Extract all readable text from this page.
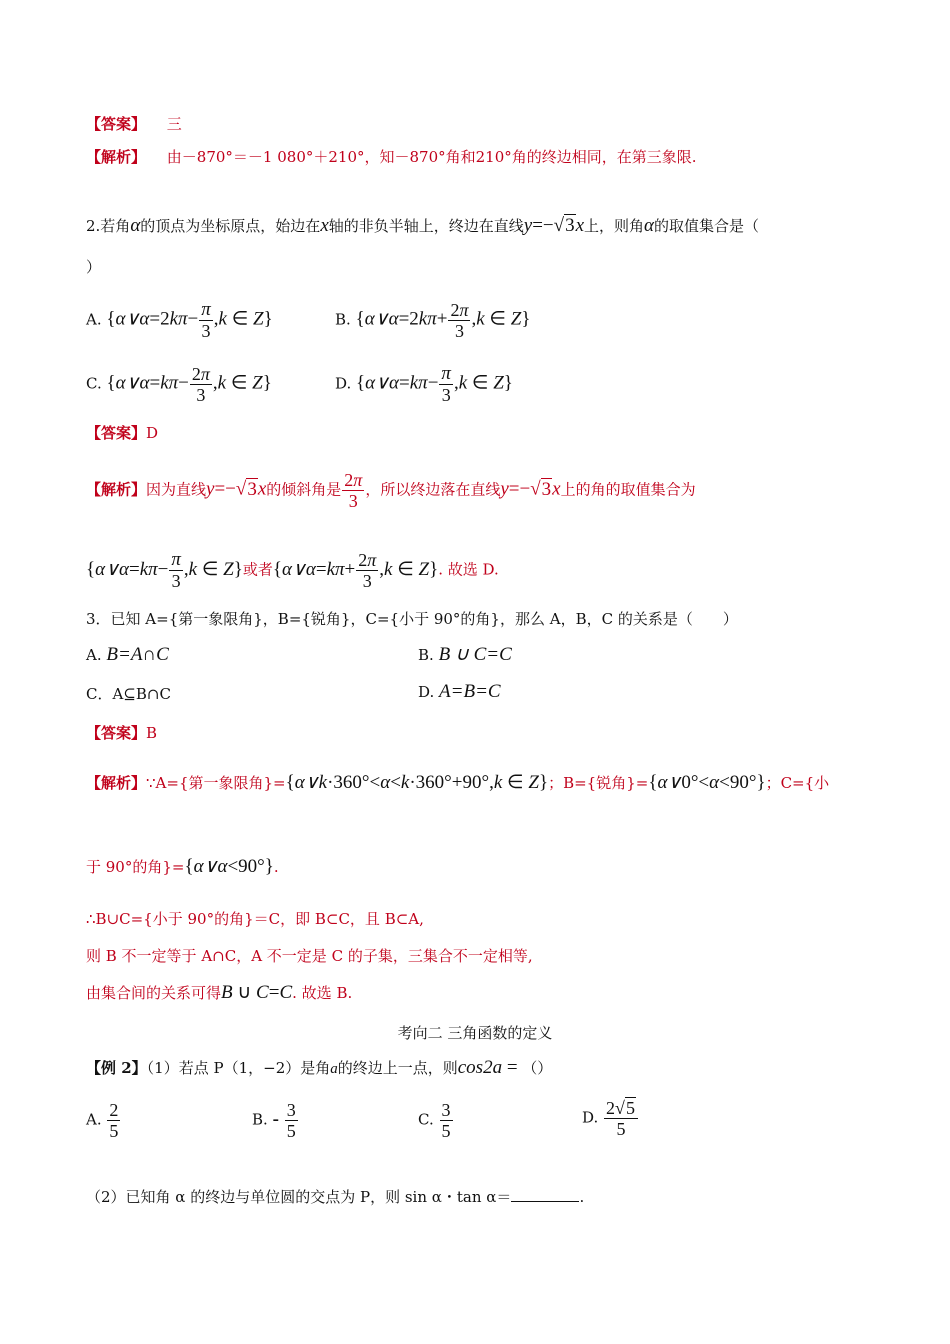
【答案】 三
【解析】 由－870°＝－1 080°＋210°，知－870°角和210°角的终边相同，在第三象限.
2.若角α的顶点为坐标原点，始边在x轴的非负半轴上，终边在直线y=−√3x上，则角α的取值集合是（
）
A. {α∨α=2kπ− $\frac{\pi}{3} ,k$ ∈ Z}	B. {α∨α=2kπ+ $\frac{2\pi}{3} ,k$ ∈ Z}
C. {α∨α=kπ− $\frac{2\pi}{3} ,k$ ∈ Z}	D. {α∨α=kπ− $\frac{\pi}{3} ,k$ ∈ Z}
【答案】D
【解析】因为直线y=−√3x的倾斜角是 $\frac{2\pi}{3}$ ，所以终边落在直线y=−√3x上的角的取值集合为
{α∨α=kπ− $\frac{\pi}{3} ,k$ ∈ Z}或者{α∨α=kπ+ $\frac{2\pi}{3} ,k$ ∈ Z}. 故选 D.
3．已知 A={第一象限角}，B={锐角}，C={小于 90°的角}，那么 A，B，C 的关系是（　　）
A. B=A∩C	B. B ∪ C=C
C．A⊆B∩C	D. A=B=C
【答案】B
【解析】∵A={第一象限角}={α∨k·360°<α<k·360°+90°,k ∈ Z}；B={锐角}={α∨0°<α<90°}；C={小
于 90°的角}={α∨α<90°}.
∴B∪C={小于 90°的角}＝C，即 B⊂C，且 B⊂A,
则 B 不一定等于 A∩C，A 不一定是 C 的子集，三集合不一定相等,
由集合间的关系可得B ∪ C=C. 故选 B.
考向二 三角函数的定义
【例 2】（1）若点 P（1，−2）是角a的终边上一点，则cos2a = （）
A. $\frac{2}{5}$	B. - $\frac{3}{5}$	C. $\frac{3}{5}$	D. $\frac{2√5}{5}$
（2）已知角 α 的终边与单位圆的交点为 P，则 sin α・tan α＝	.
